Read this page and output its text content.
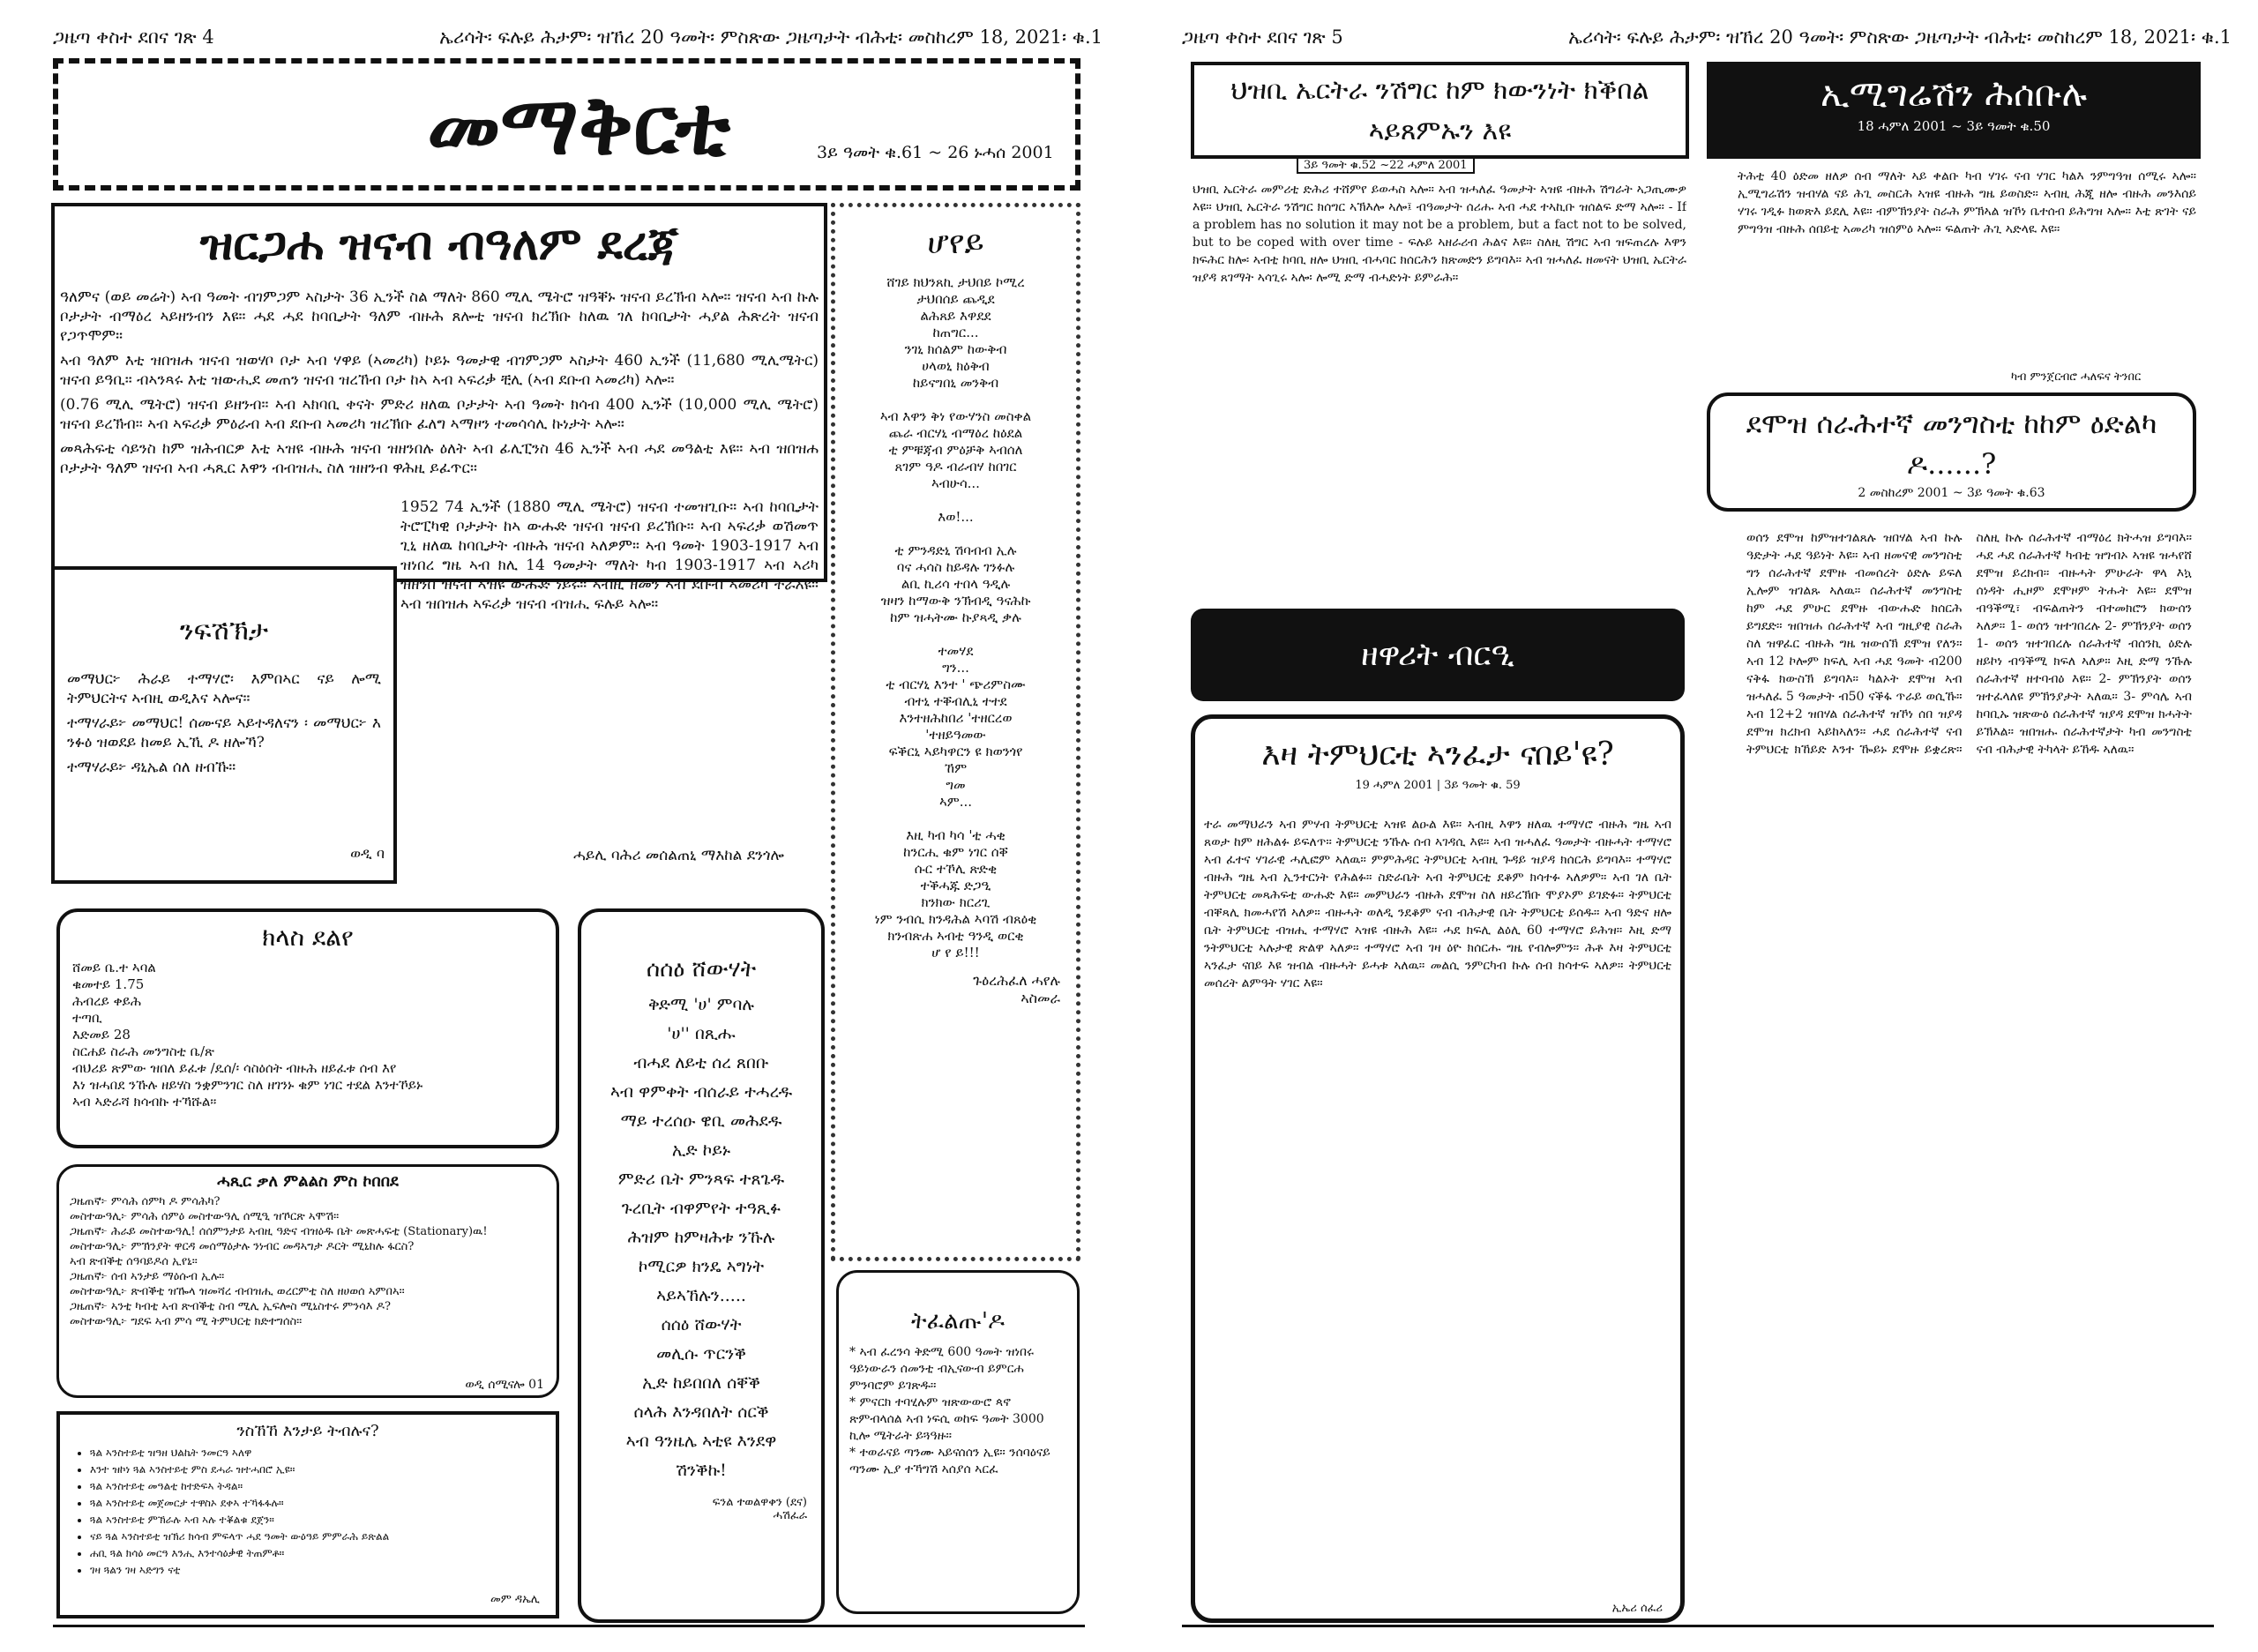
ጋዜጣ ቀስተ ደበና ገጽ 4	ኤሪሳት፡ ፍሉይ ሕታም፡ ዝኸረ 20 ዓመት፡ ምስጽው ጋዜጣታት ብሕቲ፡ መስከረም 18, 2021፡ ቁ.1
መማቅርቲ	3ይ ዓመት ቁ.61 ~ 26 ኑሓሰ 2001
ዝርጋሐ ዝናብ ብዓለም ደረጃ

ዓለምና (ወይ መሬት) ኣብ ዓመት ብገምጋም ኣስታት 36 ኢንች ስል ማለት 860 ሚሊ ሜትሮ ዝዓቐኑ ዝናብ ይረኽብ ኣሎ። ዝናብ ኣብ ኩሉ ቦታታት ብማዕረ ኣይዘንብን እዩ። ሓደ ሓደ ከባቢታት ዓለም ብዙሕ ጸሎቲ ዝናብ ክረኽቡ ከለዉ ገለ ከባቢታት ሓያል ሕጽረት ዝናብ የጋጥሞም።

ኣብ ዓለም እቲ ዝበዝሐ ዝናብ ዝወሃቦ ቦታ ኣብ ሃዋይ (ኣመሪካ) ኮይኑ ዓመታዊ ብገምጋም ኣስታት 460 ኢንች (11,680 ሚሊሜትር) ዝናብ ይዓቢ። ብኣንጻሩ እቲ ዝውሒደ መጠን ዝናብ ዝረኸብ ቦታ ከኣ ኣብ ኣፍሪቃ ቺሊ (ኣብ ደቡብ ኣመሪካ) ኣሎ።

(0.76 ሚሊ ሜትሮ) ዝናብ ይዘንብ። ኣብ ኣክባቢ ቀናት ምድሪ ዘለዉ ቦታታት ኣብ ዓመት ክሳብ 400 ኢንች (10,000 ሚሊ ሜትሮ) ዝናብ ይረኽብ። ኣብ ኣፍሪቃ ምዕራብ ኣብ ደቡብ ኣመሪካ ዝረኽቡ ፈለግ ኣማዞን ተመሳሳሊ ኩነታት ኣሎ።

መጻሕፍቲ ሳይንስ ከም ዝሕብርዎ እቲ ኣዝዩ ብዙሕ ዝናብ ዝዘንበሉ ዕለት ኣብ ፊሊፒንስ 46 ኢንች ኣብ ሓደ መዓልቲ እዩ። ኣብ ዝበዝሐ ቦታታት ዓለም ዝናብ ኣብ ሓጺር እዋን ብብዝሒ ስለ ዝዘንብ ዋሕዚ ይፈጥር።

1952 74 ኢንች (1880 ሚሊ ሜትሮ) ዝናብ ተመዝጊቡ። ኣብ ከባቢታት ትሮፒካዊ ቦታታት ከኣ ውሑድ ዝናብ ዝናብ ይረኽቡ። ኣብ ኣፍሪቃ ወሽመጥ ጊኒ ዘለዉ ከባቢታት ብዙሕ ዝናብ ኣለዎም። ኣብ ዓመት 1903-1917 ኣብ ዝነበረ ግዜ ኣብ ክሊ 14 ዓመታት ማለት ካብ 1903-1917 ኣብ ኣሪካ ዝዘንበ ዝናብ ኣዝዩ ውሑድ ነይሩ። ኣብዚ ዘመን ኣብ ደቡብ ኣመሪካ ተራእዩ። ኣብ ዝበዝሐ ኣፍሪቃ ዝናብ ብዝሒ ፍሉይ ኣሎ።
ንፍሽኽታ

መማህር፦ ሕራይ ተማሃሮ፡ እምበኣር ናይ ሎሚ ትምህርትና ኣብዚ ወዲእና ኣሎና።

ተማሃራይ፦ መማህር! ሰሙናይ ኣይተዳለናን ፡ መማህር፦ እ ንፉዕ ዝወደይ ከመይ ኢኺ ዶ ዘሎኻ?

ተማሃራይ፦ ዳኒኤል ሰለ ዘብኹ።

ወዲ ባ	ሓይሊ ባሕሪ መሰልጠኒ ማእከል ደንጎሎ
ሆየይ
ሸገይ ክህንጸኪ ታህበይ ኮሚረ
ታህበሰይ ጨዲደ
ልሕጸይ እዋደደ
ከጠግር...
ንገኒ ክሰልም ከውቅብ
ሀላወኒ ክዕቅብ
ከይናግበኒ መንቅብ

ኣብ እዋን ቅነ የውሃንስ መስቀል
ጨራ ብርሃኒ ብማዕረ ከዕደል
ቲ ምቹጃብ ምዕቻቅ ኣብሰለ
ጸገም ዓዶ ብራብሃ ከበገር
ኣብሁሳ...

እወ!...

ቲ ምንዳድኒ ሽባብብ ኢሉ
ባና ሓሳስ ከይዳሉ ገንፉሉ
ልቢ ኪሪሳ ተበላ ዓዲሉ
ዝዛን ከማውቅ ንኽብዲ ዓናሕኩ
ከም ዝሓትሙ ኩያጻዲ ቃሉ

ተመሃደ
ግን...
ቲ ብርሃኒ እንተ ' ጭሪምስሙ
ብተኒ ተቐብሊኒ ተተደ
እንተዘሕከበሪ 'ተዘርረወ
'ተዘይዓመው
ፍቕርኒ ኣይካዋርን ዩ ክወንጎየ
ኸም
ግመ
ኣም...

እዚ ካብ ካሳ 'ቲ ሓቂ
ከንርሒ ቁም ነገር ሰቐ
ሱር ተኾሊ ጽድቂ
ተቕሓጁ ድጋዒ
ክንክው ክርሪጊ
ነም ንብሲ ክንዳሕል ኣባሽ ብጸዕቂ
ክንብጽሐ ኣብቲ ዓንዲ ወርቂ
ሆ የ ይ!!!
ጉዕረሕፈለ ሓየሉ
ኣስመራ
ክላስ ደልየ
ሸመይ ቤ.ተ ኣባል
ቁመተይ 1.75
ሕብረይ ቀይሕ
ተጣቢ
እድመይ 28
ስርሐይ ስራሕ መንግስቲ ቤ/ጽ
ብህሪይ ጽምው ዝበለ ይፈቱ /ዴሰ/፡ ሳስዕሰት ብዙሕ ዘይፈቱ ሰብ እየ
እነ ዝሓበደ ንኹሉ ዘይሃስ ንቋምንገር ስለ ዘገንኑ ቁም ነገር ተደል እንተኾይኑ
ኣብ ኣድራሻ ክሳብኩ ተኻሹል።
ሓጺር ቃለ ምልልስ ምስ ኮበበደ
ጋዜጠኛ፦ ምሳሕ ሰምካ ዶ ምሳሕካ?
መስተውዓሊ፦ ምሳሕ ሰምዕ መስተውዓሊ ሰሚዒ ዝኾርጽ ኣሞሽ።
ጋዜጠኛ፦ ሕራይ መስተውዓሊ! ሰሰምንታይ ኣብዚ ዓድና ብዝዕዱ ቤት መጽሓፍቲ (Stationary)ዉ!
መስተውዓሊ፦ ምኽንያት ዋርዳ መሰማዕታሉ ንነብር መዳኣግታ ዶርት ሚኒከሉ ፋርስ?
ኣብ ጽብቕቲ ሰዓባይዶሰ ኢየኒ።
ጋዜጠኛ፦ ሰብ ኣንታይ ማዕሱብ ኢሉ።
መስተውዓሊ፦ ጽብቕቲ ዝዀላ ዝመሻረ ብብዝሒ ወረርምቲ ስለ ዘሀወሰ ኣምበኣ።
ጋዜጠኛ፦ ኣንቲ ካብቲ ኣብ ጽብቕቲ ስብ ሚሊ ኢፍሎስ ሚኒስተሩ ምንሳእ ዶ?
መስተውዓሊ፦ ግደፍ ኣብ ምሳ ሚ ትምህርቲ ክድተግሰስ።
ወዲ ሰሚናሎ 01
ንስኸኸ እንታይ ትብሉና?
• ጓል ኣንስተይቲ ዝዓዘ ህልኬት ንመርዓ ኣለዋ
• እንተ ዝኮነ ጓል ኣንስተይቲ ምስ ደሓራ ዝተሓበሮ ኢዩ።
• ጓል ኣንስተይቲ መዓልቲ ከተድፍኣ ትዳል።
• ጓል ኣንስተይቲ መጀመርታ ተዋስኦ ደቀኣ ተኻፋፋሉ።
• ጓል ኣንስተይቲ ምኽራሉ ኣብ ኣሉ ተቖልቁ ደጀን።
• ናይ ጓል ኣንስተይቲ ዝኽሪ ክሳብ ምፍላጥ ሓደ ዓመት ውዕዓይ ምምራሕ ይጽልል
• ሐቢ ጓል ክሳዕ መርዓ እንሒ እንተሳዕቃዊ ትጠምቶ።
• ገዛ ጓልን ገዛ ኣድግን ናቲ
መም ዳኤሊ
ሰሰዕ ሸውሃት
ቅድሚ 'ሀ' ምባሉ
'ሀ'' በጺሑ
ብሓደ ለይቲ ሰረ ጸበቡ
ኣብ ዋምቀት ብሰራይ ተሓረዱ
ማይ ተረሰዑ ዌቢ መሕደዱ
ኢድ ኮይኑ
ምድሪ ቤት ምንጻፍ ተጸጌዱ
ጉረቢት ብዋምየት ተዓጺፉ
ሕዝም ከምዛሕቱ ንኹሉ
ኮሚርዎ ክንዴ ኣግነት
ኣይኣኸሉን.....
ሰሰዕ ሸውሃት
መሊሱ ጥርንቕ
ኢድ ከይበበለ ሰቐቕ
ሰላሕ እንዳበለት ሰርቕ
ኣብ ዓንዜሌ ኣቲዩ እንደዋ
ሽንቕኩ!
ፍንል ተወልዋቀን (ደና)
ሓሽፈራ
ትፈልጡ'ዶ
* ኣብ ፈረንሳ ቅድሚ 600 ዓመት ዝነበሩ ዓይነውራን ሰመንቲ ብኢናውብ ይምርሐ ምንባሮም ይገጽዱ።
* ምናርክ ተባሂሉም ዝጽውውሮ ጳኖ ጽምብላሰል ኣብ ነፍሲ ወከፍ ዓመት 3000 ኪሎ ሜትራት ይጓዓዙ።
* ተወራናይ ጣንሙ ኣይናሰሰን ኢዩ። ንሰባዕናይ ጣንሙ ኢያ ተኻግሽ ኣሰያሰ ኣርፈ
ጋዜጣ ቀስተ ደበና ገጽ 5	ኤሪሳት፡ ፍሉይ ሕታም፡ ዝኸረ 20 ዓመት፡ ምስጽው ጋዜጣታት ብሕቲ፡ መስከረም 18, 2021፡ ቁ.1
ህዝቢ ኤርትራ ንሽግር ከም ክውንነት ክቕበል ኣይጸምኡን እዩ
3ይ ዓመት ቁ.52 ~22 ሓምለ 2001
ህዝቢ ኤርትራ መምሪቲ ድሕሪ ተሸምየ ይወሓስ ኣሎ። ኣብ ዝሓለፈ ዓመታት ኣዝዩ ብዙሕ ሽግራት ኣጋጢሙዎ እዩ። ህዝቢ ኤርትራ ንሽግር ክሰግር ኣኽእሎ ኣሎ፤ ብዓመታት ሰሪሑ ኣብ ሓደ ተኣኪቡ ዝሰልፍ ድማ ኣሎ። - If a problem has no solution it may not be a problem, but a fact not to be solved, but to be coped with over time - ፍሉይ ኣዘራሪብ ሕልና እዩ። ስለዚ ሽግር ኣብ ዝፍጠረሉ እዋን ክፍሕር ከሎ፡ ኣብቲ ከባቢ ዘሎ ህዝቢ ብሓባር ክሰርሕን ክጽመድን ይግባእ። ኣብ ዝሓለፈ ዘመናት ህዝቢ ኤርትራ ዝያዳ ጸገማት ኣሳጊሩ ኣሎ፡ ሎሚ ድማ ብሓድነት ይምራሕ።
ኢሚግሬሽን ሕሰቡሉ
18 ሓምለ 2001 ~ 3ይ ዓመት ቁ.50
ትሕቲ 40 ዕድመ ዘለዎ ሰብ ማለት ኣይ ቀልቡ ካብ ሃገሩ ናብ ሃገር ካልእ ንምግዓዝ ሰሚሩ ኣሎ። ኢሚግሬሽን ዝብሃል ናይ ሕጊ መስርሕ ኣዝዩ ብዙሕ ግዜ ይወስድ። ኣብዚ ሕጂ ዘሎ ብዙሕ መንእሰይ ሃገሩ ገዲፉ ክወጽእ ይደሊ እዩ። ብምኽንያት ስራሕ ምኽኣል ዝኾነ ቤተሰብ ይሕግዝ ኣሎ። እቲ ጽገት ናይ ምግዓዝ ብዙሕ ሰበይቲ ኣመሪካ ዝሰምዕ ኣሎ። ፍልጠት ሕጊ ኣድላዪ እዩ።
ካብ ምንጀርብሮ ሓለፍና ትንበር
ደሞዝ ሰራሕተኛ መንግስቲ ከከም ዕድልካ ዶ......?
2 መስከረም 2001 ~ 3ይ ዓመት ቁ.63
ወሰን ደሞዝ ከምዝተገልጸሉ ዝበሃል ኣብ ኩሉ ዓድታት ሓደ ዓይነት እዩ። ኣብ ዘመናዊ መንግስቲ ግን ሰራሕተኛ ደሞዙ ብመሰረት ዕድሉ ይፍለ ኢሎም ዝገልጹ ኣለዉ። ሰራሕተኛ መንግስቲ ከም ሓደ ምሁር ደሞዙ ብውሑድ ክሰርሕ ይግደድ። ዝበዝሐ ሰራሕተኛ ኣብ ግዚያዊ ስራሕ ስለ ዝዋፈር ብዙሕ ግዜ ዝውሰኽ ደሞዝ የለን። ኣብ 12 ኮሎም ክፍሊ ኣብ ሓደ ዓመት ብ200 ናቅፋ ክውስኽ ይግባእ። ካልኦት ደሞዝ ኣብ ዝሓለፈ 5 ዓመታት ብ50 ናቕፋ ጥራይ ወሲኹ። ኣብ 12+2 ዝበሃል ሰራሕተኛ ዝኾነ ሰበ ዝያዳ ደሞዝ ክረክብ ኣይከኣለን። ሓደ ሰራሕተኛ ናብ ትምህርቲ ክኸይድ እንተ ዀይኑ ደሞዙ ይቋረጽ። ስለዚ ኩሉ ሰራሕተኛ ብማዕረ ክትሓዝ ይግባእ። ሓደ ሓደ ሰራሕተኛ ካብቲ ዝግብኦ ኣዝዩ ዝሓየሸ ደሞዝ ይረክብ። ብዙሓት ምሁራት ዋላ እኳ ሰነዳት ሒዞም ደሞዞም ትሑት እዩ። ደሞዝ ብዓቕሚ፣ ብፍልጠትን ብተመክሮን ክውሰን ኣለዎ። 1- ወሰን ዝተገበረሉ 2- ምኽንያት ወሰን 1- ወሰን ዝተገበረሉ ሰራሕተኛ ብሰንኪ ዕድሉ ዘይኮነ ብዓቕሚ ክፍለ ኣለዎ። እዚ ድማ ንኹሉ ሰራሕተኛ ዘተባብዕ እዩ። 2- ምኽንያት ወሰን ዝተፈላለዩ ምኽንያታት ኣለዉ። 3- ምሳሌ ኣብ ከባቢኡ ዝጽውዕ ሰራሕተኛ ዝያዳ ደሞዝ ክሓትት ይኽእል። ዝበዝሑ ሰራሕተኛታት ካብ መንግስቲ ናብ ብሕታዊ ትካላት ይኸዱ ኣለዉ።
ዘዋሪት ብርዒ
እዛ ትምህርቲ ኣንፈታ ናበይ'ዩ?
19 ሓምለ 2001 | 3ይ ዓመት ቁ. 59
ተራ መማህራን ኣብ ምሃብ ትምህርቲ ኣዝዩ ልዑል እዩ። ኣብዚ እዋን ዘለዉ ተማሃሮ ብዙሕ ግዜ ኣብ ጸወታ ከም ዘሕልፉ ይፍለጥ። ትምህርቲ ንኹሉ ሰብ ኣገዳሲ እዩ። ኣብ ዝሓለፈ ዓመታት ብዙሓት ተማሃሮ ኣብ ፈተና ሃገራዊ ሓሊፎም ኣለዉ። ምምሕዳር ትምህርቲ ኣብዚ ጉዳይ ዝያዳ ክሰርሕ ይግባእ። ተማሃሮ ብዙሕ ግዜ ኣብ ኢንተርነት የሕልፉ። ስድራቤት ኣብ ትምህርቲ ደቆም ክሳተፉ ኣለዎም። ኣብ ገለ ቤት ትምህርቲ መጻሕፍቲ ውሑድ እዩ። መምህራን ብዙሕ ደሞዝ ስለ ዘይረኽቡ ሞያኦም ይገድፉ። ትምህርቲ ብቐጻሊ ክመሓየሽ ኣለዎ። ብዙሓት ወለዲ ንደቆም ናብ ብሕታዊ ቤት ትምህርቲ ይሰዱ። ኣብ ዓድና ዘሎ ቤት ትምህርቲ ብዝሒ ተማሃሮ ኣዝዩ ብዙሕ እዩ። ሓደ ክፍሊ ልዕሊ 60 ተማሃሮ ይሕዝ። እዚ ድማ ንትምህርቲ ኣሉታዊ ጽልዋ ኣለዎ። ተማሃሮ ኣብ ገዛ ዕዮ ክሰርሑ ግዜ የብሎምን። ሕቶ እዛ ትምህርቲ ኣንፈታ ናበይ እዩ ዝብል ብዙሓት ይሓቱ ኣለዉ። መልሲ ንምርካብ ኩሉ ሰብ ክሳተፍ ኣለዎ። ትምህርቲ መሰረት ልምዓት ሃገር እዩ።
ኢኤሪ ሰፈሪ
